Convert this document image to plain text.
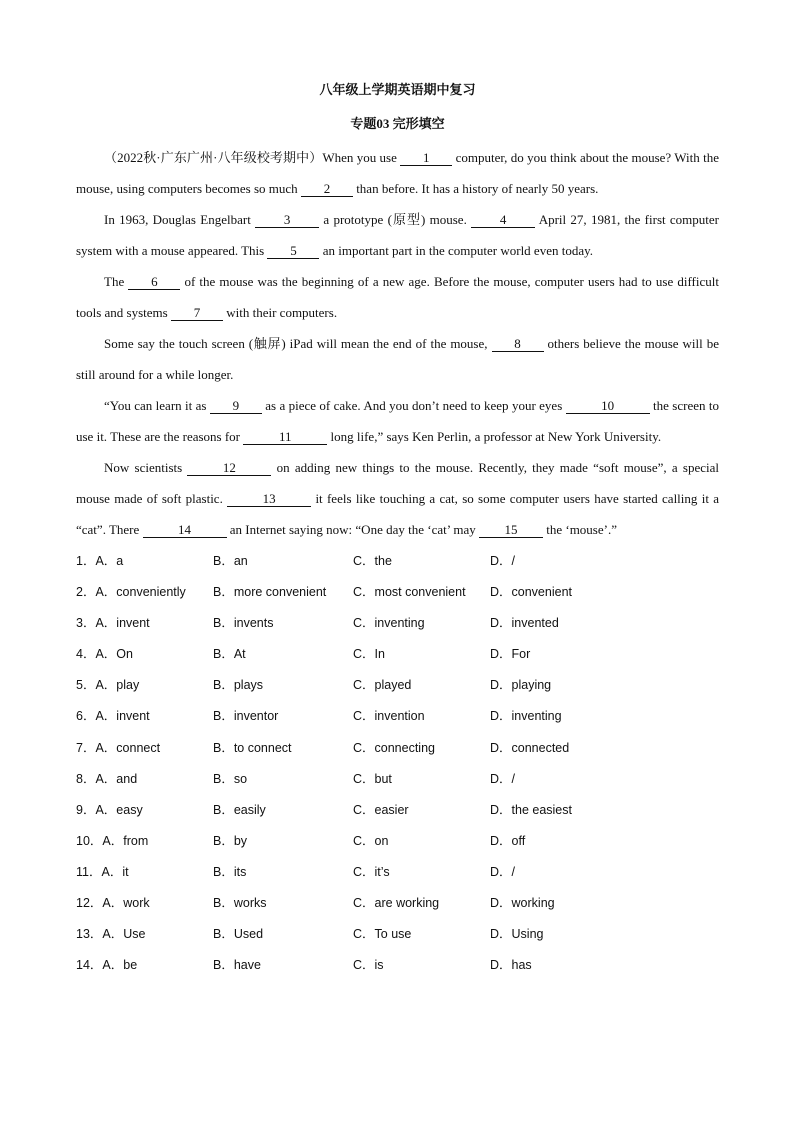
八年级上学期英语期中复习
专题03 完形填空

（2022秋·广东广州·八年级校考期中）When you use 1 computer, do you think about the mouse? With the mouse, using computers becomes so much 2 than before. It has a history of nearly 50 years.

In 1963, Douglas Engelbart 3 a prototype (原型) mouse. 4 April 27, 1981, the first computer system with a mouse appeared. This 5 an important part in the computer world even today.

The 6 of the mouse was the beginning of a new age. Before the mouse, computer users had to use difficult tools and systems 7 with their computers.

Some say the touch screen (触屏) iPad will mean the end of the mouse, 8 others believe the mouse will be still around for a while longer.

“You can learn it as 9 as a piece of cake. And you don’t need to keep your eyes	10	the screen to use it. These are the reasons for	11	long life,” says Ken Perlin, a professor at New York University.

Now scientists	12	on adding new things to the mouse. Recently, they made “soft mouse”, a special mouse made of soft plastic.	13	it feels like touching a cat, so some computer users have started calling it a “cat”. There	14	an Internet saying now: “One day the ‘cat’ may 15 the ‘mouse’.”

1．A．a	B．an	C．the	D．/
2．A．conveniently B．more convenient C．most convenient D．convenient
3．A．invent	B．invents	C．inventing	D．invented
4．A．On	B．At	C．In	D．For
5．A．play	B．plays	C．played	D．playing
6．A．invent	B．inventor	C．invention	D．inventing
7．A．connect	B．to connect	C．connecting	D．connected
8．A．and	B．so	C．but	D．/
9．A．easy	B．easily	C．easier	D．the easiest
10．A．from	B．by	C．on	D．off
11．A．it	B．its	C．it’s	D．/
12．A．work	B．works	C．are working	D．working
13．A．Use	B．Used	C．To use	D．Using
14．A．be	B．have	C．is	D．has
